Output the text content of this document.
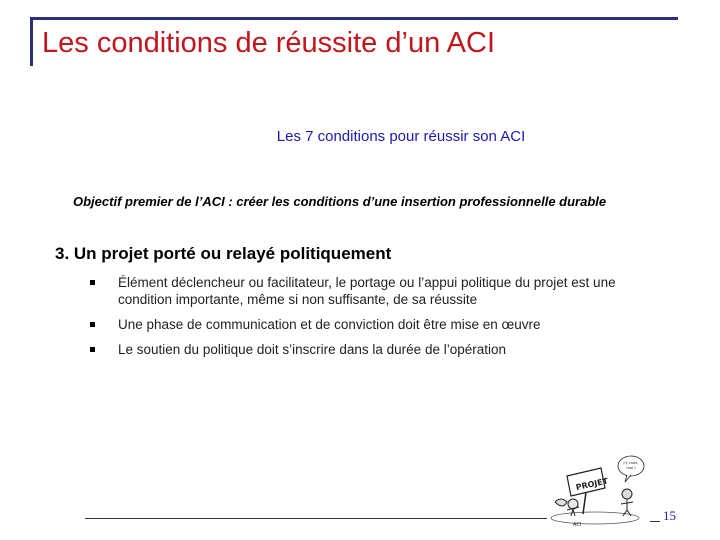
Les conditions de réussite d’un ACI
Les 7 conditions pour réussir son ACI
Objectif premier de l’ACI : créer les conditions d’une insertion professionnelle durable
3. Un projet porté ou relayé politiquement
Élément déclencheur ou facilitateur, le portage ou l’appui politique du projet est une condition importante, même si non suffisante, de sa réussite
Une phase de communication et de conviction doit être mise en œuvre
Le soutien du politique doit s’inscrire dans la durée de l’opération
PROJET
J'y crois,
moi !
ACI
15
